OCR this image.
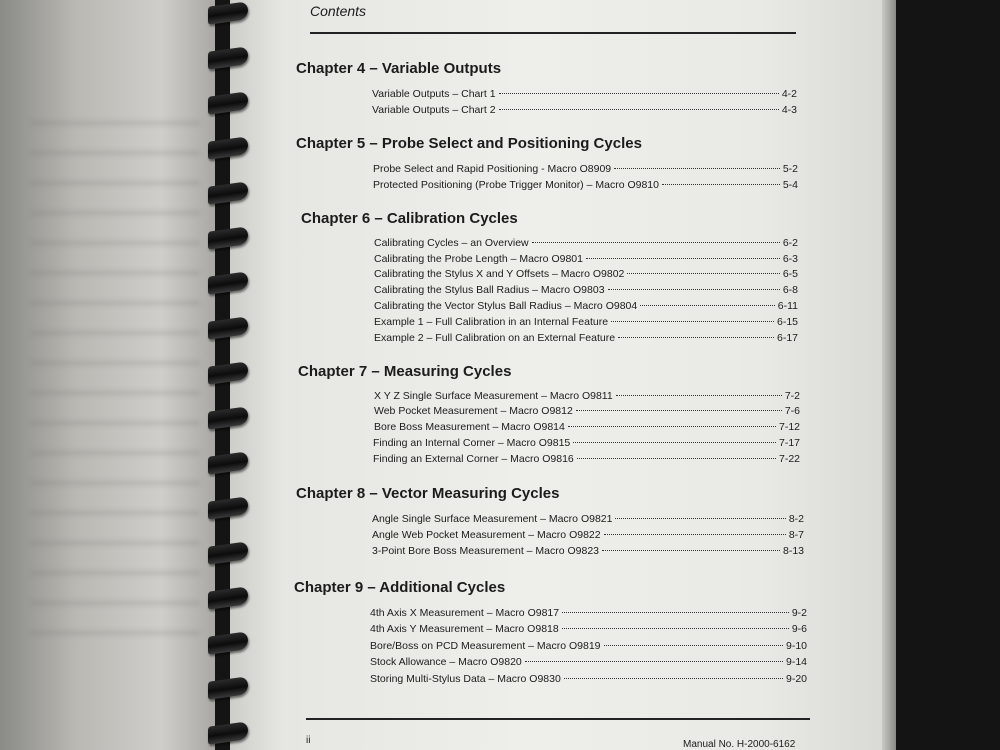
Contents
Chapter 4 – Variable Outputs
Variable Outputs – Chart 1	4-2
Variable Outputs – Chart 2	4-3
Chapter 5 – Probe Select and Positioning Cycles
Probe Select and Rapid Positioning - Macro O8909	5-2
Protected Positioning (Probe Trigger Monitor) – Macro O9810	5-4
Chapter 6 – Calibration Cycles
Calibrating Cycles – an Overview	6-2
Calibrating the Probe Length – Macro O9801	6-3
Calibrating the Stylus X and Y Offsets – Macro O9802	6-5
Calibrating the Stylus Ball Radius – Macro O9803	6-8
Calibrating the Vector Stylus Ball Radius – Macro O9804	6-11
Example 1 – Full Calibration in an Internal Feature	6-15
Example 2 – Full Calibration on an External Feature	6-17
Chapter 7 – Measuring Cycles
X Y Z Single Surface Measurement – Macro O9811	7-2
Web Pocket Measurement – Macro O9812	7-6
Bore Boss Measurement – Macro O9814	7-12
Finding an Internal Corner – Macro O9815	7-17
Finding an External Corner – Macro O9816	7-22
Chapter 8 – Vector Measuring Cycles
Angle Single Surface Measurement – Macro O9821	8-2
Angle Web Pocket Measurement – Macro O9822	8-7
3-Point Bore Boss Measurement – Macro O9823	8-13
Chapter 9 – Additional Cycles
4th Axis X Measurement – Macro O9817	9-2
4th Axis Y Measurement – Macro O9818	9-6
Bore/Boss on PCD Measurement – Macro O9819	9-10
Stock Allowance – Macro O9820	9-14
Storing Multi-Stylus Data – Macro O9830	9-20
ii	Manual No. H-2000-6162
